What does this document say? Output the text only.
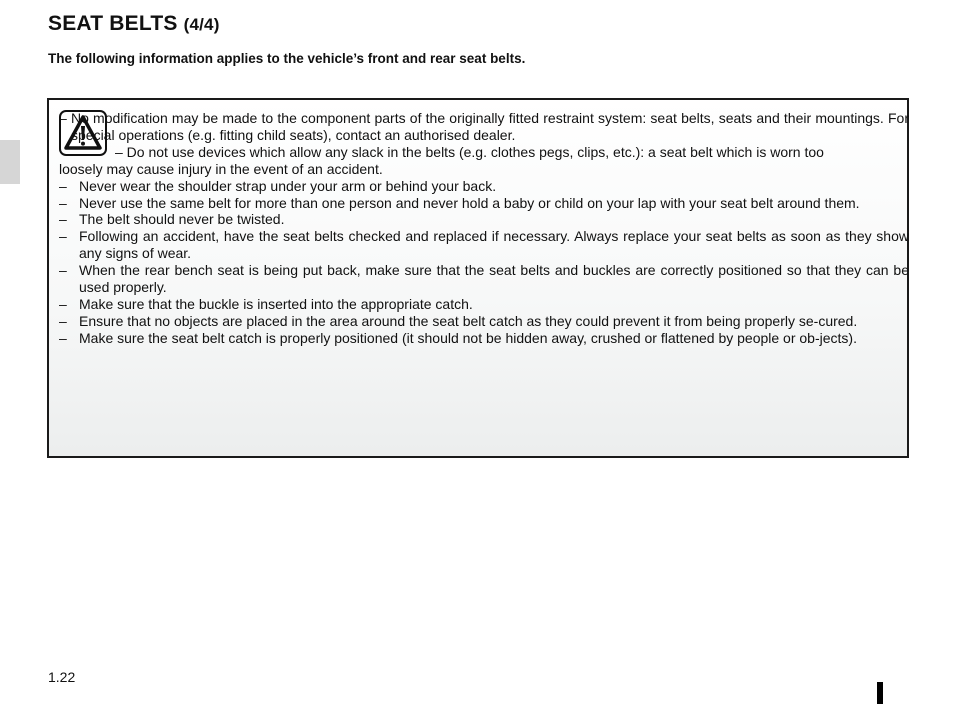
SEAT BELTS (4/4)

The following information applies to the vehicle’s front and rear seat belts.

– No modification may be made to the component parts of the originally fitted restraint system: seat belts, seats and their mountings. For special operations (e.g. fitting child seats), contact an authorised dealer.

– Do not use devices which allow any slack in the belts (e.g. clothes pegs, clips, etc.): a seat belt which is worn too

loosely may cause injury in the event of an accident.

– Never wear the shoulder strap under your arm or behind your back.

– Never use the same belt for more than one person and never hold a baby or child on your lap with your seat belt around them.

– The belt should never be twisted.

– Following an accident, have the seat belts checked and replaced if necessary. Always replace your seat belts as soon as they show any signs of wear.

– When the rear bench seat is being put back, make sure that the seat belts and buckles are correctly positioned so that they can be used properly.

– Make sure that the buckle is inserted into the appropriate catch.

– Ensure that no objects are placed in the area around the seat belt catch as they could prevent it from being properly se-cured.

– Make sure the seat belt catch is properly positioned (it should not be hidden away, crushed or flattened by people or ob-jects).

1.22
